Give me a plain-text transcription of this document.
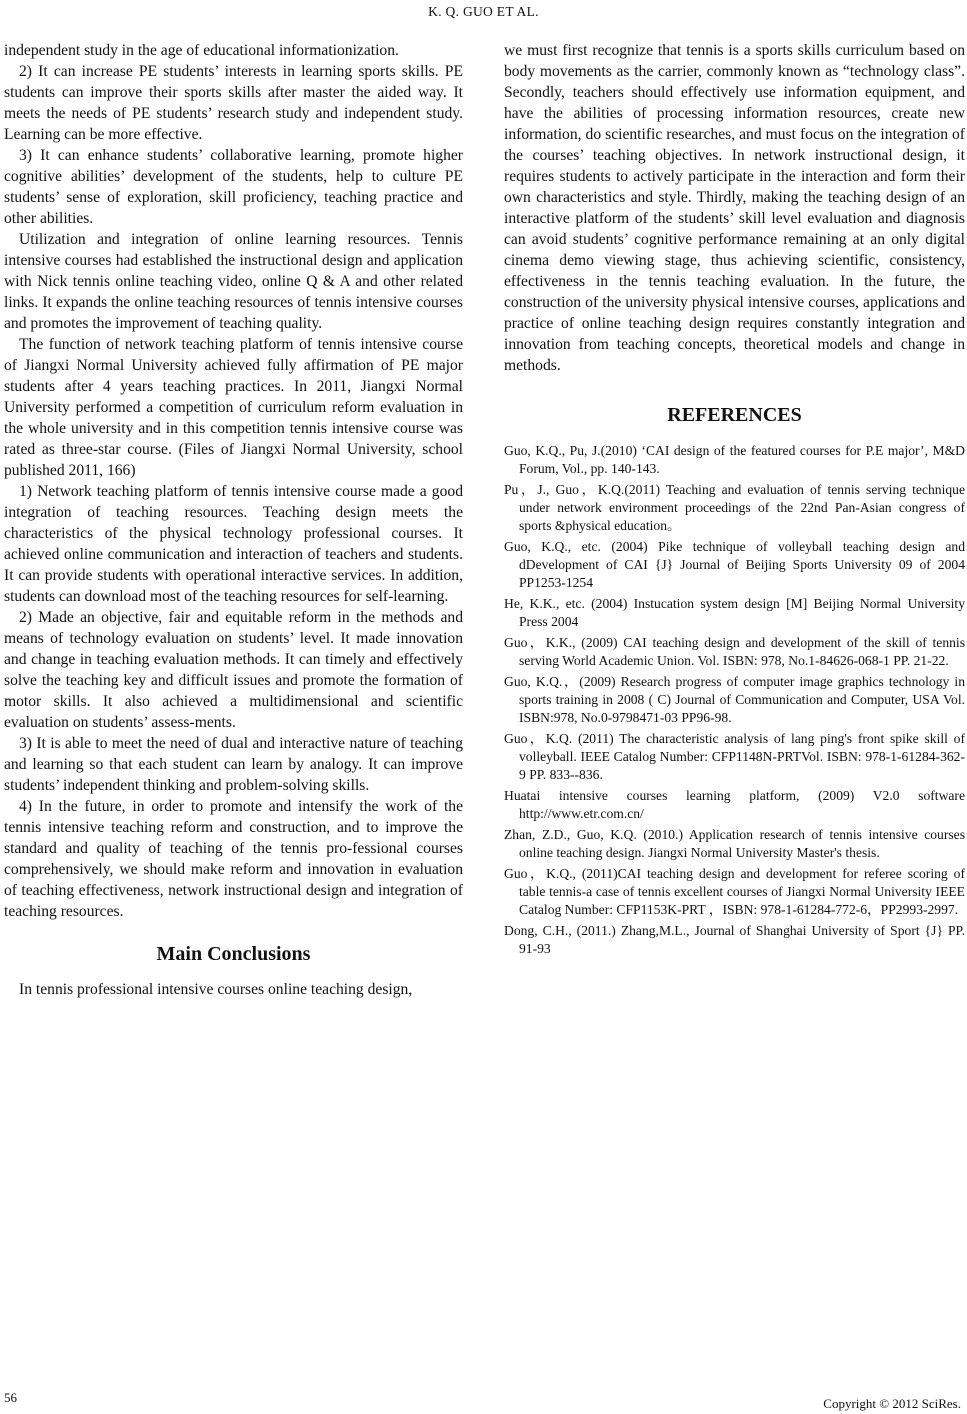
K. Q. GUO ET AL.

independent study in the age of educational informationization.

2) It can increase PE students’ interests in learning sports skills. PE students can improve their sports skills after master the aided way. It meets the needs of PE students’ research study and independent study. Learning can be more effective.

3) It can enhance students’ collaborative learning, promote higher cognitive abilities’ development of the students, help to culture PE students’ sense of exploration, skill proficiency, teaching practice and other abilities.

Utilization and integration of online learning resources. Tennis intensive courses had established the instructional design and application with Nick tennis online teaching video, online Q & A and other related links. It expands the online teaching resources of tennis intensive courses and promotes the improvement of teaching quality.

The function of network teaching platform of tennis intensive course of Jiangxi Normal University achieved fully affirmation of PE major students after 4 years teaching practices. In 2011, Jiangxi Normal University performed a competition of curriculum reform evaluation in the whole university and in this competition tennis intensive course was rated as three-star course. (Files of Jiangxi Normal University, school published 2011, 166)

1) Network teaching platform of tennis intensive course made a good integration of teaching resources. Teaching design meets the characteristics of the physical technology professional courses. It achieved online communication and interaction of teachers and students. It can provide students with operational interactive services. In addition, students can download most of the teaching resources for self-learning.

2) Made an objective, fair and equitable reform in the methods and means of technology evaluation on students’ level. It made innovation and change in teaching evaluation methods. It can timely and effectively solve the teaching key and difficult issues and promote the formation of motor skills. It also achieved a multidimensional and scientific evaluation on students’ assess-ments.

3) It is able to meet the need of dual and interactive nature of teaching and learning so that each student can learn by analogy. It can improve students’ independent thinking and problem-solving skills.

4) In the future, in order to promote and intensify the work of the tennis intensive teaching reform and construction, and to improve the standard and quality of teaching of the tennis pro-fessional courses comprehensively, we should make reform and innovation in evaluation of teaching effectiveness, network instructional design and integration of teaching resources.

Main Conclusions

In tennis professional intensive courses online teaching design,

we must first recognize that tennis is a sports skills curriculum based on body movements as the carrier, commonly known as “technology class”. Secondly, teachers should effectively use information equipment, and have the abilities of processing information resources, create new information, do scientific researches, and must focus on the integration of the courses’ teaching objectives. In network instructional design, it requires students to actively participate in the interaction and form their own characteristics and style. Thirdly, making the teaching design of an interactive platform of the students’ skill level evaluation and diagnosis can avoid students’ cognitive performance remaining at an only digital cinema demo viewing stage, thus achieving scientific, consistency, effectiveness in the tennis teaching evaluation. In the future, the construction of the university physical intensive courses, applications and practice of online teaching design requires constantly integration and innovation from teaching concepts, theoretical models and change in methods.

REFERENCES
Guo, K.Q., Pu, J.(2010) ‘CAI design of the featured courses for P.E major’, M&D Forum, Vol., pp. 140-143.
Pu，J., Guo，K.Q.(2011) Teaching and evaluation of tennis serving technique under network environment proceedings of the 22nd Pan-Asian congress of sports &physical education。
Guo, K.Q., etc. (2004) Pike technique of volleyball teaching design and dDevelopment of CAI {J} Journal of Beijing Sports University 09 of 2004 PP1253-1254
He, K.K., etc. (2004) Instucation system design [M] Beijing Normal University Press 2004
Guo，K.K., (2009) CAI teaching design and development of the skill of tennis serving World Academic Union. Vol. ISBN: 978, No.1-84626-068-1 PP. 21-22.
Guo, K.Q.，(2009) Research progress of computer image graphics technology in sports training in 2008 ( C) Journal of Communication and Computer, USA Vol. ISBN:978, No.0-9798471-03 PP96-98.
Guo，K.Q. (2011) The characteristic analysis of lang ping's front spike skill of volleyball. IEEE Catalog Number: CFP1148N-PRTVol. ISBN: 978-1-61284-362-9 PP. 833--836.
Huatai intensive courses learning platform, (2009) V2.0 software http://www.etr.com.cn/
Zhan, Z.D., Guo, K.Q. (2010.) Application research of tennis intensive courses online teaching design. Jiangxi Normal University Master's thesis.
Guo，K.Q., (2011)CAI teaching design and development for referee scoring of table tennis-a case of tennis excellent courses of Jiangxi Normal University IEEE Catalog Number: CFP1153K-PRT ，ISBN: 978-1-61284-772-6，PP2993-2997.
Dong, C.H., (2011.) Zhang,M.L., Journal of Shanghai University of Sport {J} PP. 91-93
56	Copyright © 2012 SciRes.
